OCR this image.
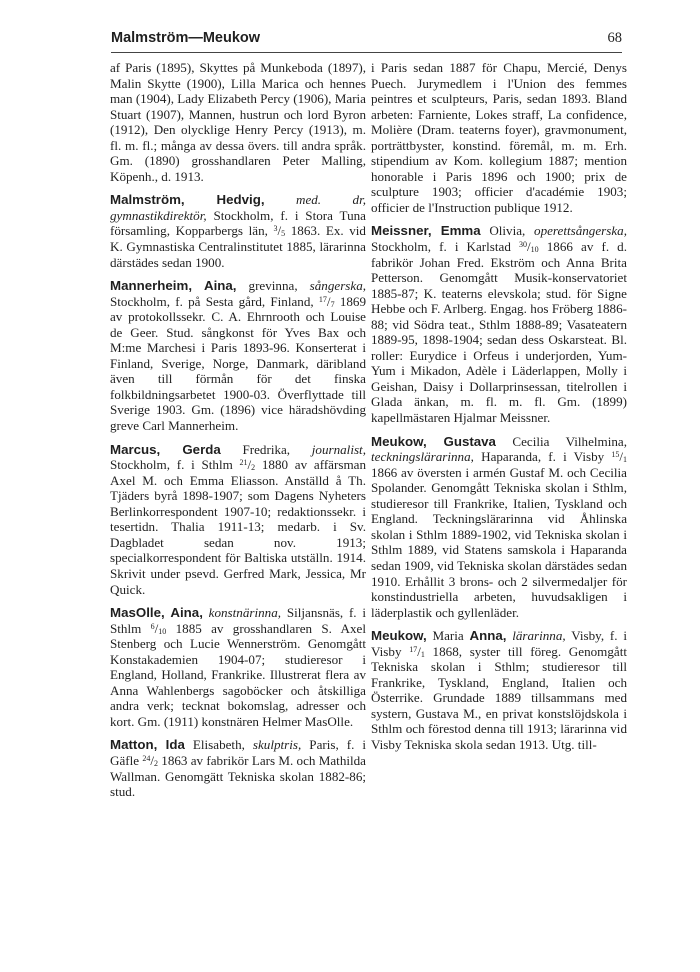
Malmström—Meukow	68

af Paris (1895), Skyttes på Munkeboda (1897), Malin Skytte (1900), Lilla Marica och hennes man (1904), Lady Elizabeth Percy (1906), Maria Stuart (1907), Mannen, hustrun och lord Byron (1912), Den olycklige Henry Percy (1913), m. fl. m. fl.; många av dessa övers. till andra språk. Gm. (1890) grosshandlaren Peter Malling, Köpenh., d. 1913.

Malmström, Hedvig, med. dr, gymnastikdirektör, Stockholm, f. i Stora Tuna församling, Kopparbergs län, $^3/_5$ 1863. Ex. vid K. Gymnastiska Centralinstitutet 1885, lärarinna därstädes sedan 1900.

Mannerheim, Aina, grevinna, sångerska, Stockholm, f. på Sesta gård, Finland, $^{17}/_7$ 1869 av protokollssekr. C. A. Ehrnrooth och Louise de Geer. Stud. sångkonst för Yves Bax och M:me Marchesi i Paris 1893-96. Konserterat i Finland, Sverige, Norge, Danmark, däribland även till förmån för det finska folkbildningsarbetet 1900-03. Överflyttade till Sverige 1903. Gm. (1896) vice häradshövding greve Carl Mannerheim.

Marcus, Gerda Fredrika, journalist, Stockholm, f. i Sthlm $^{21}/_2$ 1880 av affärsman Axel M. och Emma Eliasson. Anställd å Th. Tjäders byrå 1898-1907; som Dagens Nyheters Berlinkorrespondent 1907-10; redaktionssekr. i tesertidn. Thalia 1911-13; medarb. i Sv. Dagbladet sedan nov. 1913; specialkorrespondent för Baltiska utställn. 1914. Skrivit under psevd. Gerfred Mark, Jessica, Mr Quick.

MasOlle, Aina, konstnärinna, Siljansnäs, f. i Sthlm $^6/_{10}$ 1885 av grosshandlaren S. Axel Stenberg och Lucie Wennerström. Genomgått Konstakademien 1904-07; studieresor i England, Holland, Frankrike. Illustrerat flera av Anna Wahlenbergs sagoböcker och åtskilliga andra verk; tecknat bokomslag, adresser och kort. Gm. (1911) konstnären Helmer MasOlle.

Matton, Ida Elisabeth, skulptris, Paris, f. i Gäfle $^{24}/_2$ 1863 av fabrikör Lars M. och Mathilda Wallman. Genomgätt Tekniska skolan 1882-86; stud.

i Paris sedan 1887 för Chapu, Mercié, Denys Puech. Jurymedlem i l'Union des femmes peintres et sculpteurs, Paris, sedan 1893. Bland arbeten: Farniente, Lokes straff, La confidence, Molière (Dram. teaterns foyer), gravmonument, porträttbyster, konstind. föremål, m. m. Erh. stipendium av Kom. kollegium 1887; mention honorable i Paris 1896 och 1900; prix de sculpture 1903; officier d'académie 1903; officier de l'Instruction publique 1912.

Meissner, Emma Olivia, operettsångerska, Stockholm, f. i Karlstad $^{30}/_{10}$ 1866 av f. d. fabrikör Johan Fred. Ekström och Anna Brita Petterson. Genomgått Musik-konservatoriet 1885-87; K. teaterns elevskola; stud. för Signe Hebbe och F. Arlberg. Engag. hos Fröberg 1886-88; vid Södra teat., Sthlm 1888-89; Vasateatern 1889-95, 1898-1904; sedan dess Oskarsteat. Bl. roller: Eurydice i Orfeus i underjorden, Yum-Yum i Mikadon, Adèle i Läderlappen, Molly i Geishan, Daisy i Dollarprinsessan, titelrollen i Glada änkan, m. fl. m. fl. Gm. (1899) kapellmästaren Hjalmar Meissner.

Meukow, Gustava Cecilia Vilhelmina, teckningslärarinna, Haparanda, f. i Visby $^{15}/_1$ 1866 av översten i armén Gustaf M. och Cecilia Spolander. Genomgått Tekniska skolan i Sthlm, studieresor till Frankrike, Italien, Tyskland och England. Teckningslärarinna vid Åhlinska skolan i Sthlm 1889-1902, vid Tekniska skolan i Sthlm 1889, vid Statens samskola i Haparanda sedan 1909, vid Tekniska skolan därstädes sedan 1910. Erhållit 3 brons- och 2 silvermedaljer för konstindustriella arbeten, huvudsakligen i läderplastik och gyllenläder.

Meukow, Maria Anna, lärarinna, Visby, f. i Visby $^{17}/_1$ 1868, syster till föreg. Genomgått Tekniska skolan i Sthlm; studieresor till Frankrike, Tyskland, England, Italien och Österrike. Grundade 1889 tillsammans med systern, Gustava M., en privat konstslöjdskola i Sthlm och förestod denna till 1913; lärarinna vid Visby Tekniska skola sedan 1913. Utg. till-
